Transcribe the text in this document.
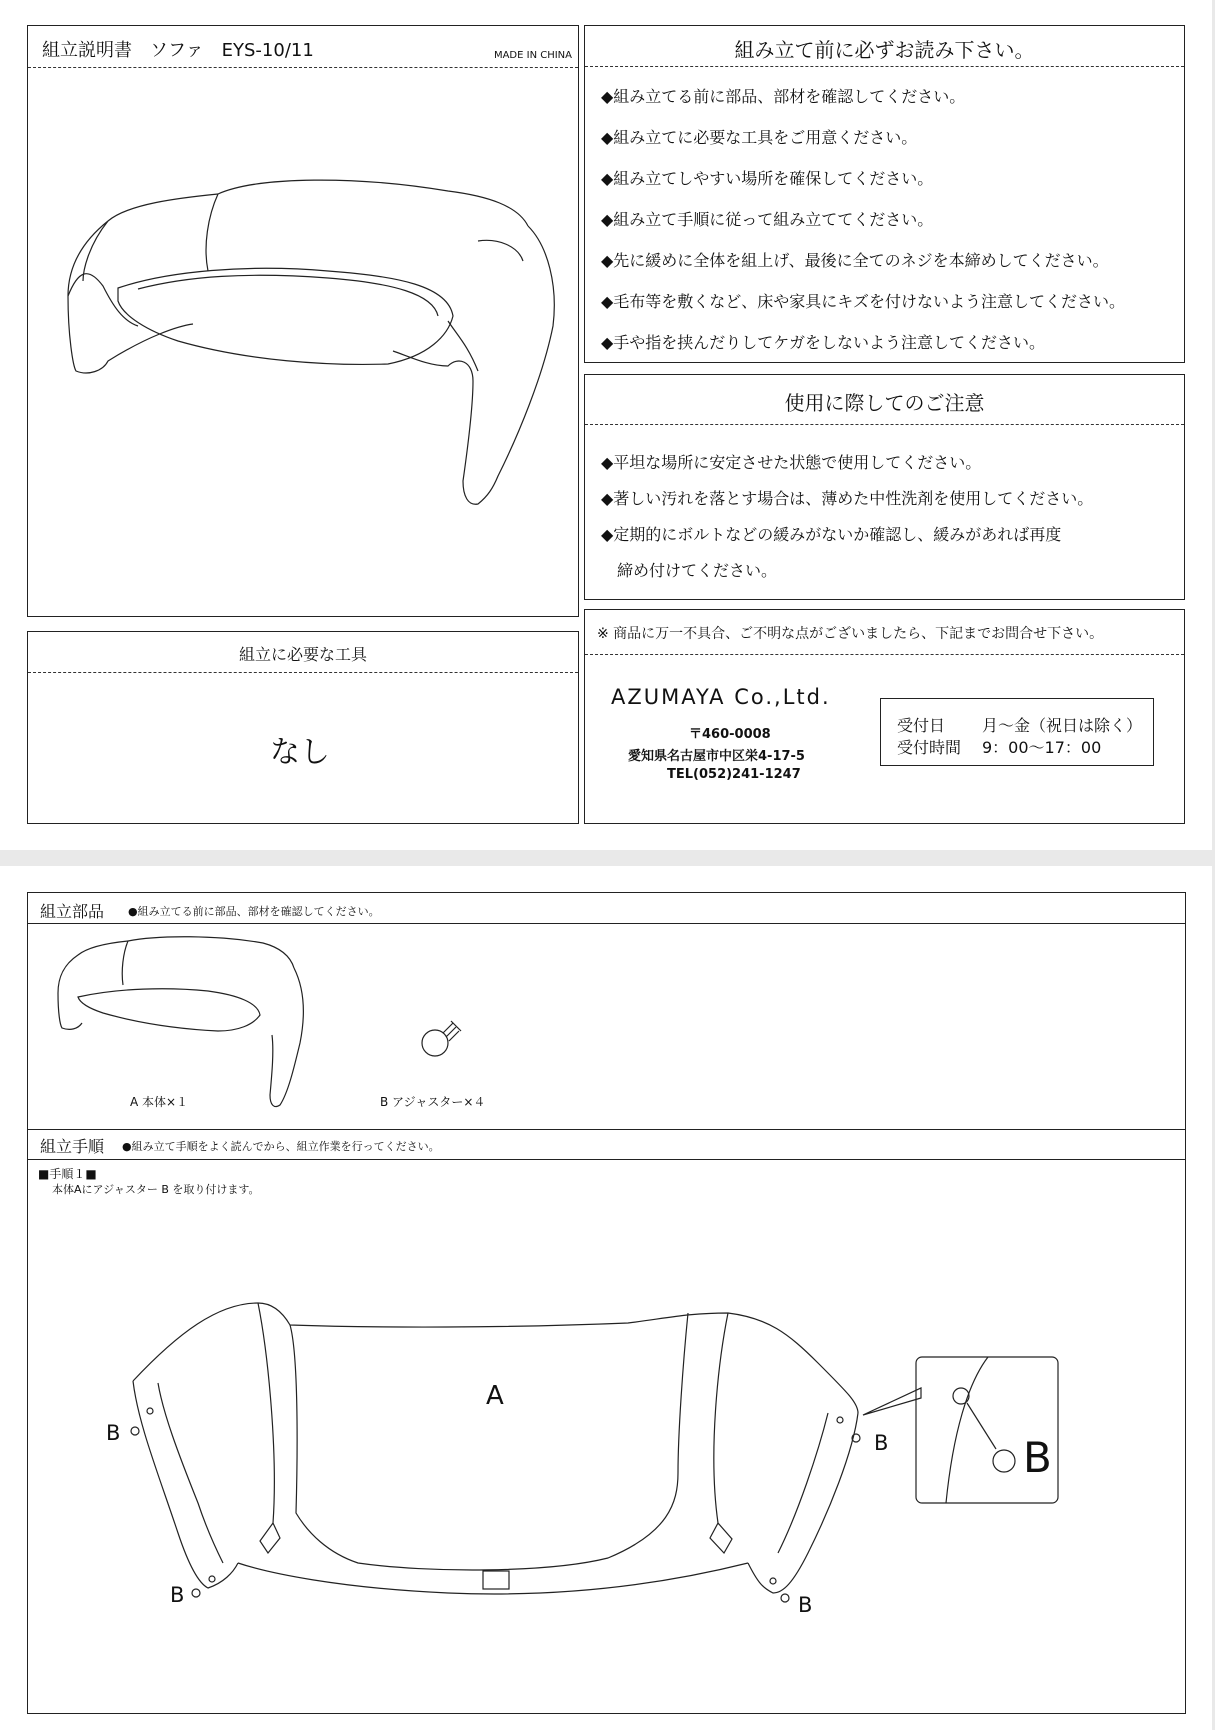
組立説明書　ソファ　EYS-10/11	MADE IN CHINA	組み立て前に必ずお読み下さい。
◆組み立てる前に部品、部材を確認してください。
◆組み立てに必要な工具をご用意ください。
◆組み立てしやすい場所を確保してください。
◆組み立て手順に従って組み立ててください。
◆先に緩めに全体を組上げ、最後に全てのネジを本締めしてください。
◆毛布等を敷くなど、床や家具にキズを付けないよう注意してください。
◆手や指を挟んだりしてケガをしないよう注意してください。
使用に際してのご注意
◆平坦な場所に安定させた状態で使用してください。
◆著しい汚れを落とす場合は、薄めた中性洗剤を使用してください。
◆定期的にボルトなどの緩みがないか確認し、緩みがあれば再度
　締め付けてください。
組立に必要な工具
なし
※ 商品に万一不具合、ご不明な点がございましたら、下記までお問合せ下さい。
AZUMAYA Co.,Ltd.
〒460-0008
愛知県名古屋市中区栄4-17-5
TEL(052)241-1247
受付日 月〜金（祝日は除く）
受付時間 9：00〜17：00
組立部品 ●組み立てる前に部品、部材を確認してください。
A 本体×１	B アジャスター×４
組立手順 ●組み立て手順をよく読んでから、組立作業を行ってください。
■手順１■
本体Aにアジャスター B を取り付けます。
A
B
B
B
B
B
